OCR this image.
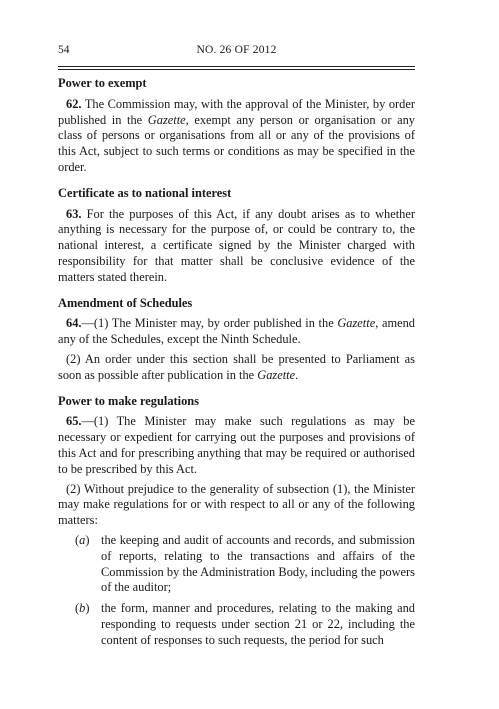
54	NO. 26 OF 2012
Power to exempt

62. The Commission may, with the approval of the Minister, by order published in the Gazette, exempt any person or organisation or any class of persons or organisations from all or any of the provisions of this Act, subject to such terms or conditions as may be specified in the order.

Certificate as to national interest

63. For the purposes of this Act, if any doubt arises as to whether anything is necessary for the purpose of, or could be contrary to, the national interest, a certificate signed by the Minister charged with responsibility for that matter shall be conclusive evidence of the matters stated therein.

Amendment of Schedules

64.—(1) The Minister may, by order published in the Gazette, amend any of the Schedules, except the Ninth Schedule.

(2) An order under this section shall be presented to Parliament as soon as possible after publication in the Gazette.

Power to make regulations

65.—(1) The Minister may make such regulations as may be necessary or expedient for carrying out the purposes and provisions of this Act and for prescribing anything that may be required or authorised to be prescribed by this Act.

(2) Without prejudice to the generality of subsection (1), the Minister may make regulations for or with respect to all or any of the following matters:

(a) the keeping and audit of accounts and records, and submission of reports, relating to the transactions and affairs of the Commission by the Administration Body, including the powers of the auditor;
(b) the form, manner and procedures, relating to the making and responding to requests under section 21 or 22, including the content of responses to such requests, the period for such
